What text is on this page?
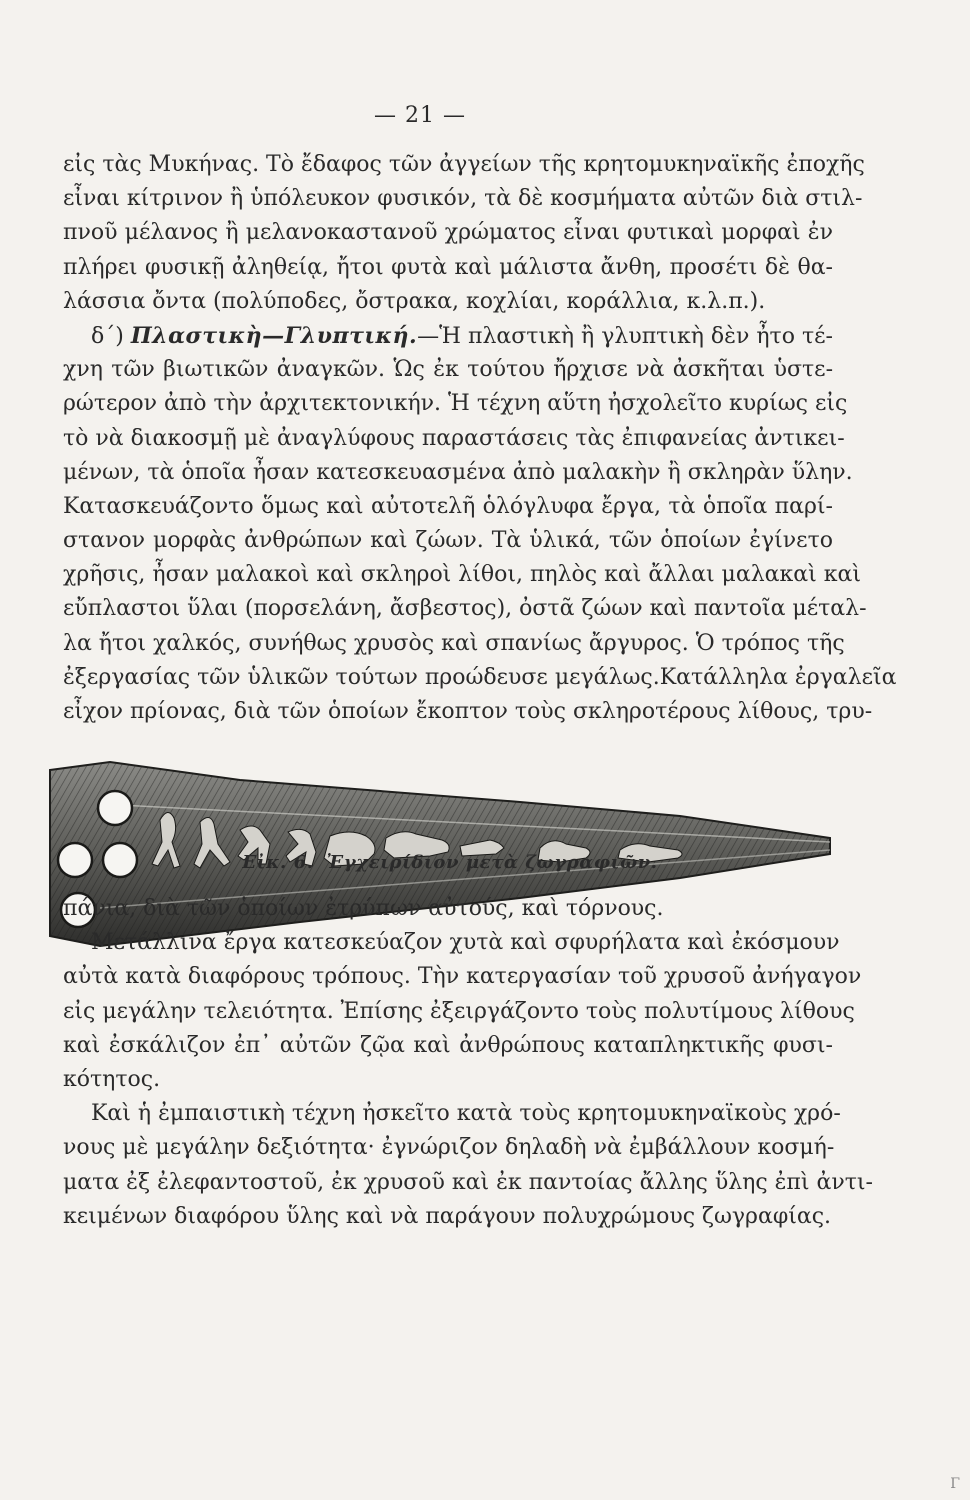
— 21 —
εἰς τὰς Μυκήνας. Τὸ ἔδαφος τῶν ἀγγείων τῆς κρητομυκηναϊκῆς ἐποχῆς
εἶναι κίτρινον ἢ ὑπόλευκον φυσικόν, τὰ δὲ κοσμήματα αὐτῶν διὰ στιλ-
πνοῦ μέλανος ἢ μελανοκαστανοῦ χρώματος εἶναι φυτικαὶ μορφαὶ ἐν
πλήρει φυσικῇ ἀληθείᾳ, ἤτοι φυτὰ καὶ μάλιστα ἄνθη, προσέτι δὲ θα-
λάσσια ὄντα (πολύποδες, ὄστρακα, κοχλίαι, κοράλλια, κ.λ.π.).
δ΄) Πλαστικὴ—Γλυπτική.—Ἡ πλαστικὴ ἢ γλυπτικὴ δὲν ἦτο τέ-
χνη τῶν βιωτικῶν ἀναγκῶν. Ὡς ἐκ τούτου ἤρχισε νὰ ἀσκῆται ὑστε-
ρώτερον ἀπὸ τὴν ἀρχιτεκτονικήν. Ἡ τέχνη αὕτη ἠσχολεῖτο κυρίως εἰς
τὸ νὰ διακοσμῇ μὲ ἀναγλύφους παραστάσεις τὰς ἐπιφανείας ἀντικει-
μένων, τὰ ὁποῖα ἦσαν κατεσκευασμένα ἀπὸ μαλακὴν ἢ σκληρὰν ὕλην.
Κατασκευάζοντο ὅμως καὶ αὐτοτελῆ ὁλόγλυφα ἔργα, τὰ ὁποῖα παρί-
στανον μορφὰς ἀνθρώπων καὶ ζώων. Τὰ ὑλικά, τῶν ὁποίων ἐγίνετο
χρῆσις, ἦσαν μαλακοὶ καὶ σκληροὶ λίθοι, πηλὸς καὶ ἄλλαι μαλακαὶ καὶ
εὔπλαστοι ὕλαι (πορσελάνη, ἄσβεστος), ὀστᾶ ζώων καὶ παντοῖα μέταλ-
λα ἤτοι χαλκός, συνήθως χρυσὸς καὶ σπανίως ἄργυρος. Ὁ τρόπος τῆς
ἐξεργασίας τῶν ὑλικῶν τούτων προώδευσε μεγάλως.Κατάλληλα ἐργαλεῖα
εἶχον πρίονας, διὰ τῶν ὁποίων ἔκοπτον τοὺς σκληροτέρους λίθους, τρυ-
Εἰκ. 6. Ἐγχειρίδιον μετὰ ζωγραφιῶν.
πάνια, διὰ τῶν ὁποίων ἐτρύπων αὐτούς, καὶ τόρνους.
Μετάλλινα ἔργα κατεσκεύαζον χυτὰ καὶ σφυρήλατα καὶ ἐκόσμουν
αὐτὰ κατὰ διαφόρους τρόπους. Τὴν κατεργασίαν τοῦ χρυσοῦ ἀνήγαγον
εἰς μεγάλην τελειότητα. Ἐπίσης ἐξειργάζοντο τοὺς πολυτίμους λίθους
καὶ ἐσκάλιζον ἐπ᾽ αὐτῶν ζῷα καὶ ἀνθρώπους καταπληκτικῆς φυσι-
κότητος.
Καὶ ἡ ἐμπαιστικὴ τέχνη ἠσκεῖτο κατὰ τοὺς κρητομυκηναϊκοὺς χρό-
νους μὲ μεγάλην δεξιότητα· ἐγνώριζον δηλαδὴ νὰ ἐμβάλλουν κοσμή-
ματα ἐξ ἐλεφαντοστοῦ, ἐκ χρυσοῦ καὶ ἐκ παντοίας ἄλλης ὕλης ἐπὶ ἀντι-
κειμένων διαφόρου ὕλης καὶ νὰ παράγουν πολυχρώμους ζωγραφίας.
Γ
